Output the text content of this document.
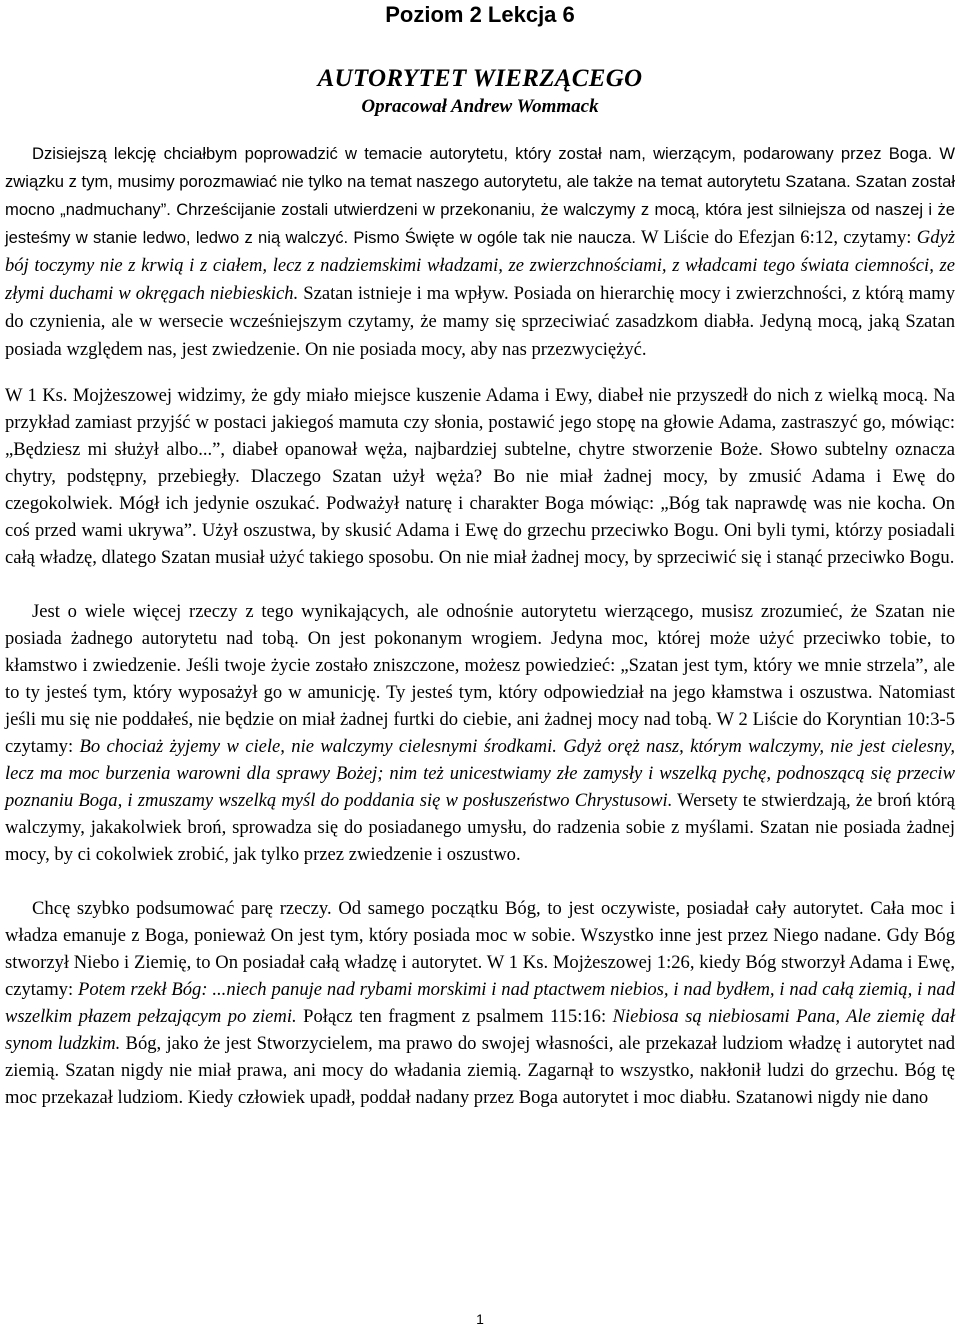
Poziom 2 Lekcja 6
AUTORYTET WIERZĄCEGO
Opracował Andrew Wommack

Dzisiejszą lekcję chciałbym poprowadzić w temacie autorytetu, który został nam, wierzącym, podarowany przez Boga. W związku z tym, musimy porozmawiać nie tylko na temat naszego autorytetu, ale także na temat autorytetu Szatana. Szatan został mocno „nadmuchany”. Chrześcijanie zostali utwierdzeni w przekonaniu, że walczymy z mocą, która jest silniejsza od naszej i że jesteśmy w stanie ledwo, ledwo z nią walczyć. Pismo Święte w ogóle tak nie naucza. W Liście do Efezjan 6:12, czytamy: Gdyż bój toczymy nie z krwią i z ciałem, lecz z nadziemskimi władzami, ze zwierzchnościami, z władcami tego świata ciemności, ze złymi duchami w okręgach niebieskich. Szatan istnieje i ma wpływ. Posiada on hierarchię mocy i zwierzchności, z którą mamy do czynienia, ale w wersecie wcześniejszym czytamy, że mamy się sprzeciwiać zasadzkom diabła. Jedyną mocą, jaką Szatan posiada względem nas, jest zwiedzenie. On nie posiada mocy, aby nas przezwyciężyć.

W 1 Ks. Mojżeszowej widzimy, że gdy miało miejsce kuszenie Adama i Ewy, diabeł nie przyszedł do nich z wielką mocą. Na przykład zamiast przyjść w postaci jakiegoś mamuta czy słonia, postawić jego stopę na głowie Adama, zastraszyć go, mówiąc: „Będziesz mi służył albo...”, diabeł opanował węża, najbardziej subtelne, chytre stworzenie Boże. Słowo subtelny oznacza chytry, podstępny, przebiegły. Dlaczego Szatan użył węża? Bo nie miał żadnej mocy, by zmusić Adama i Ewę do czegokolwiek. Mógł ich jedynie oszukać. Podważył naturę i charakter Boga mówiąc: „Bóg tak naprawdę was nie kocha. On coś przed wami ukrywa”. Użył oszustwa, by skusić Adama i Ewę do grzechu przeciwko Bogu. Oni byli tymi, którzy posiadali całą władzę, dlatego Szatan musiał użyć takiego sposobu. On nie miał żadnej mocy, by sprzeciwić się i stanąć przeciwko Bogu.

Jest o wiele więcej rzeczy z tego wynikających, ale odnośnie autorytetu wierzącego, musisz zrozumieć, że Szatan nie posiada żadnego autorytetu nad tobą. On jest pokonanym wrogiem. Jedyna moc, której może użyć przeciwko tobie, to kłamstwo i zwiedzenie. Jeśli twoje życie zostało zniszczone, możesz powiedzieć: „Szatan jest tym, który we mnie strzela”, ale to ty jesteś tym, który wyposażył go w amunicję. Ty jesteś tym, który odpowiedział na jego kłamstwa i oszustwa. Natomiast jeśli mu się nie poddałeś, nie będzie on miał żadnej furtki do ciebie, ani żadnej mocy nad tobą. W 2 Liście do Koryntian 10:3-5 czytamy: Bo chociaż żyjemy w ciele, nie walczymy cielesnymi środkami. Gdyż oręż nasz, którym walczymy, nie jest cielesny, lecz ma moc burzenia warowni dla sprawy Bożej; nim też unicestwiamy złe zamysły i wszelką pychę, podnoszącą się przeciw poznaniu Boga, i zmuszamy wszelką myśl do poddania się w posłuszeństwo Chrystusowi. Wersety te stwierdzają, że broń którą walczymy, jakakolwiek broń, sprowadza się do posiadanego umysłu, do radzenia sobie z myślami. Szatan nie posiada żadnej mocy, by ci cokolwiek zrobić, jak tylko przez zwiedzenie i oszustwo.

Chcę szybko podsumować parę rzeczy. Od samego początku Bóg, to jest oczywiste, posiadał cały autorytet. Cała moc i władza emanuje z Boga, ponieważ On jest tym, który posiada moc w sobie. Wszystko inne jest przez Niego nadane. Gdy Bóg stworzył Niebo i Ziemię, to On posiadał całą władzę i autorytet. W 1 Ks. Mojżeszowej 1:26, kiedy Bóg stworzył Adama i Ewę, czytamy: Potem rzekł Bóg: ...niech panuje nad rybami morskimi i nad ptactwem niebios, i nad bydłem, i nad całą ziemią, i nad wszelkim płazem pełzającym po ziemi. Połącz ten fragment z psalmem 115:16: Niebiosa są niebiosami Pana, Ale ziemię dał synom ludzkim. Bóg, jako że jest Stworzycielem, ma prawo do swojej własności, ale przekazał ludziom władzę i autorytet nad ziemią. Szatan nigdy nie miał prawa, ani mocy do władania ziemią. Zagarnął to wszystko, nakłonił ludzi do grzechu. Bóg tę moc przekazał ludziom. Kiedy człowiek upadł, poddał nadany przez Boga autorytet i moc diabłu. Szatanowi nigdy nie dano

1
